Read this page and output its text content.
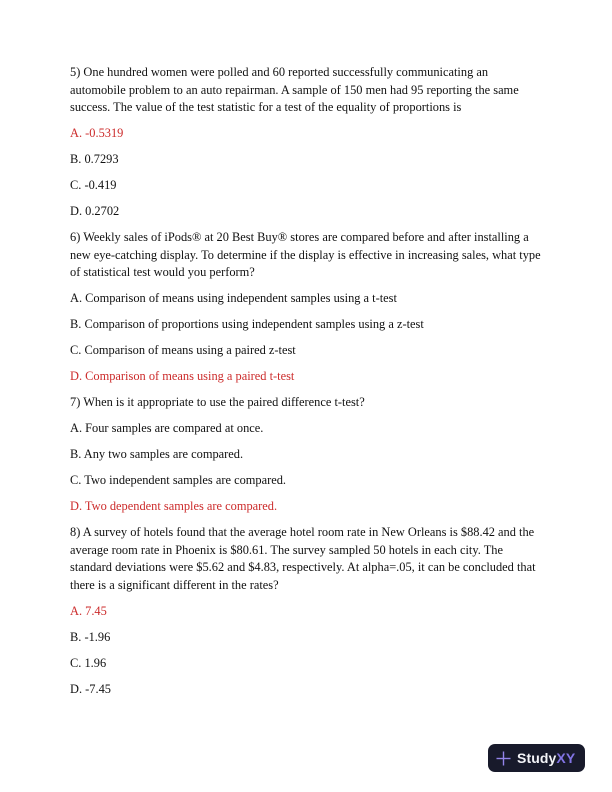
5) One hundred women were polled and 60 reported successfully communicating an automobile problem to an auto repairman. A sample of 150 men had 95 reporting the same success. The value of the test statistic for a test of the equality of proportions is

A. -0.5319

B. 0.7293

C. -0.419

D. 0.2702

6) Weekly sales of iPods® at 20 Best Buy® stores are compared before and after installing a new eye-catching display. To determine if the display is effective in increasing sales, what type of statistical test would you perform?

A. Comparison of means using independent samples using a t-test

B. Comparison of proportions using independent samples using a z-test

C. Comparison of means using a paired z-test

D. Comparison of means using a paired t-test

7) When is it appropriate to use the paired difference t-test?

A. Four samples are compared at once.

B. Any two samples are compared.

C. Two independent samples are compared.

D. Two dependent samples are compared.

8) A survey of hotels found that the average hotel room rate in New Orleans is $88.42 and the average room rate in Phoenix is $80.61. The survey sampled 50 hotels in each city. The standard deviations were $5.62 and $4.83, respectively. At alpha=.05, it can be concluded that there is a significant different in the rates?

A. 7.45

B. -1.96

C. 1.96

D. -7.45

StudyXY
